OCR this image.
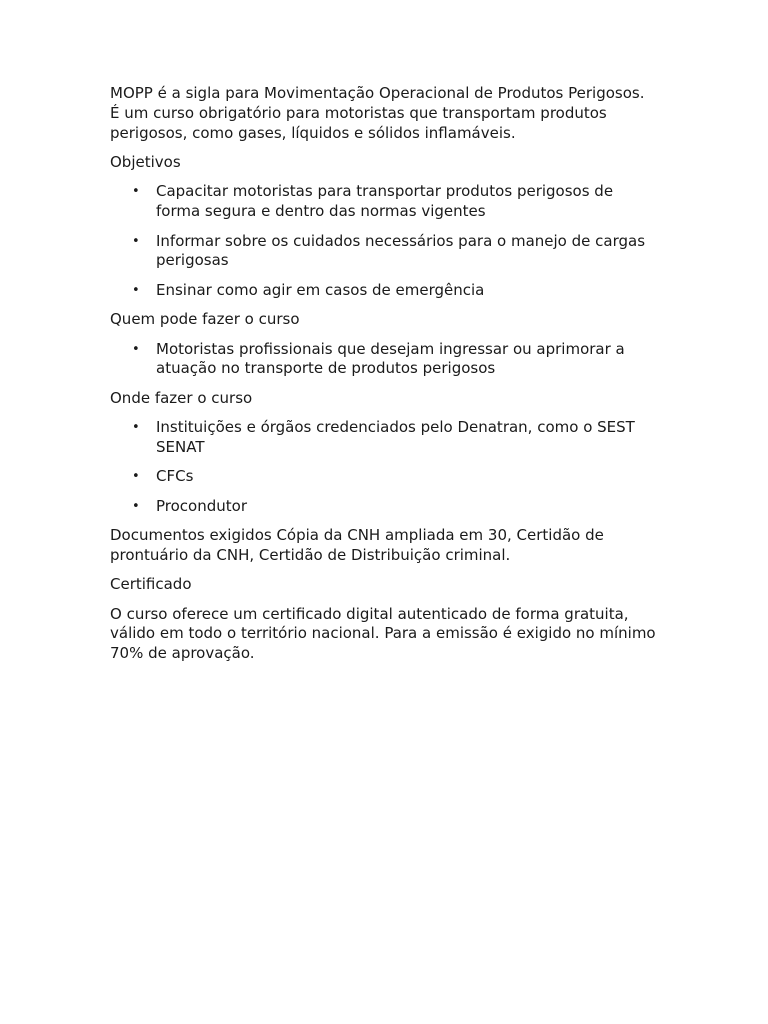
MOPP é a sigla para Movimentação Operacional de Produtos Perigosos. É um curso obrigatório para motoristas que transportam produtos perigosos, como gases, líquidos e sólidos inflamáveis.

Objetivos

• Capacitar motoristas para transportar produtos perigosos de forma segura e dentro das normas vigentes
• Informar sobre os cuidados necessários para o manejo de cargas perigosas
• Ensinar como agir em casos de emergência

Quem pode fazer o curso

• Motoristas profissionais que desejam ingressar ou aprimorar a atuação no transporte de produtos perigosos

Onde fazer o curso

• Instituições e órgãos credenciados pelo Denatran, como o SEST SENAT
• CFCs
• Procondutor

Documentos exigidos Cópia da CNH ampliada em 30, Certidão de prontuário da CNH, Certidão de Distribuição criminal.

Certificado

O curso oferece um certificado digital autenticado de forma gratuita, válido em todo o território nacional. Para a emissão é exigido no mínimo 70% de aprovação.
